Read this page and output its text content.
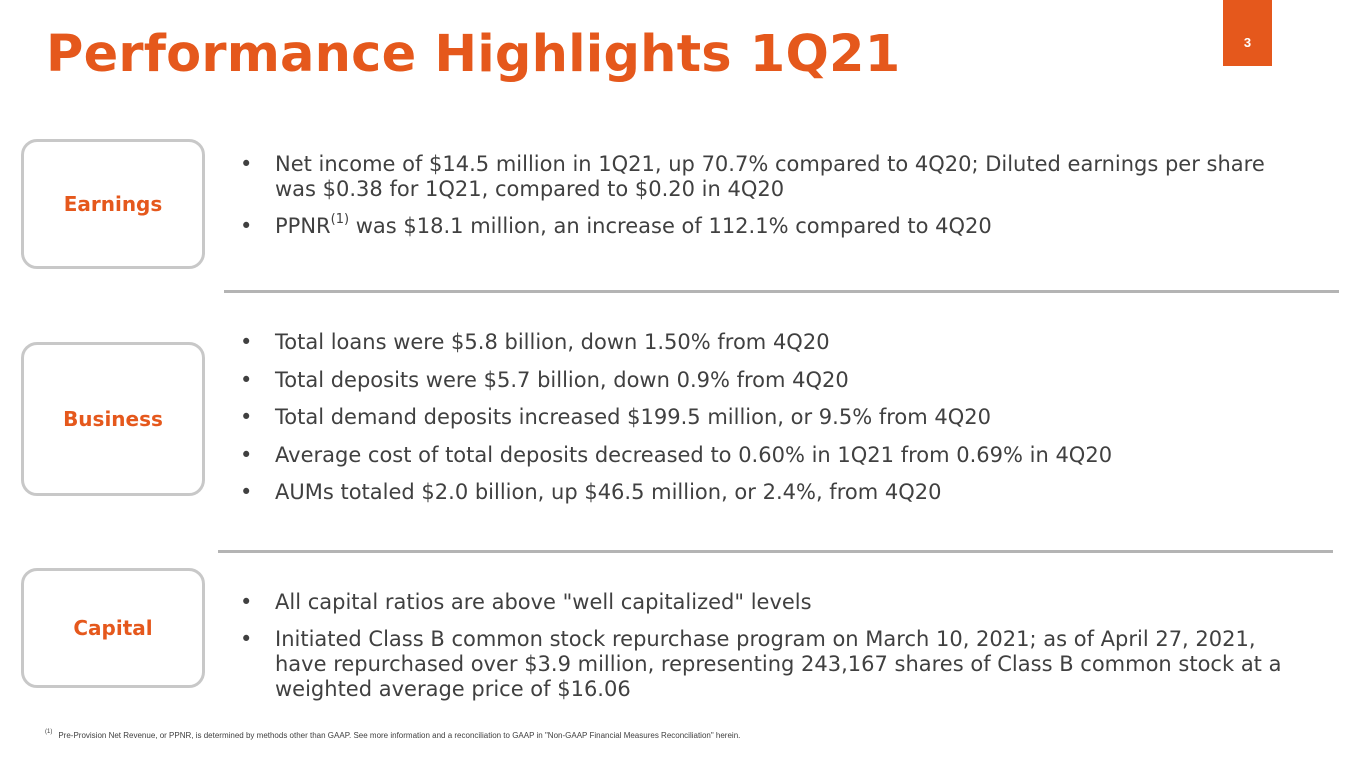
Performance Highlights 1Q21	3
Earnings
• Net income of $14.5 million in 1Q21, up 70.7% compared to 4Q20; Diluted earnings per share was $0.38 for 1Q21, compared to $0.20 in 4Q20
• PPNR$^{(1)}$ was $18.1 million, an increase of 112.1% compared to 4Q20
Business
• Total loans were $5.8 billion, down 1.50% from 4Q20
• Total deposits were $5.7 billion, down 0.9% from 4Q20
• Total demand deposits increased $199.5 million, or 9.5% from 4Q20
• Average cost of total deposits decreased to 0.60% in 1Q21 from 0.69% in 4Q20
• AUMs totaled $2.0 billion, up $46.5 million, or 2.4%, from 4Q20
Capital
• All capital ratios are above "well capitalized" levels
• Initiated Class B common stock repurchase program on March 10, 2021; as of April 27, 2021, have repurchased over $3.9 million, representing 243,167 shares of Class B common stock at a weighted average price of $16.06
$^{(1)}$ Pre-Provision Net Revenue, or PPNR, is determined by methods other than GAAP. See more information and a reconciliation to GAAP in "Non-GAAP Financial Measures Reconciliation" herein.
